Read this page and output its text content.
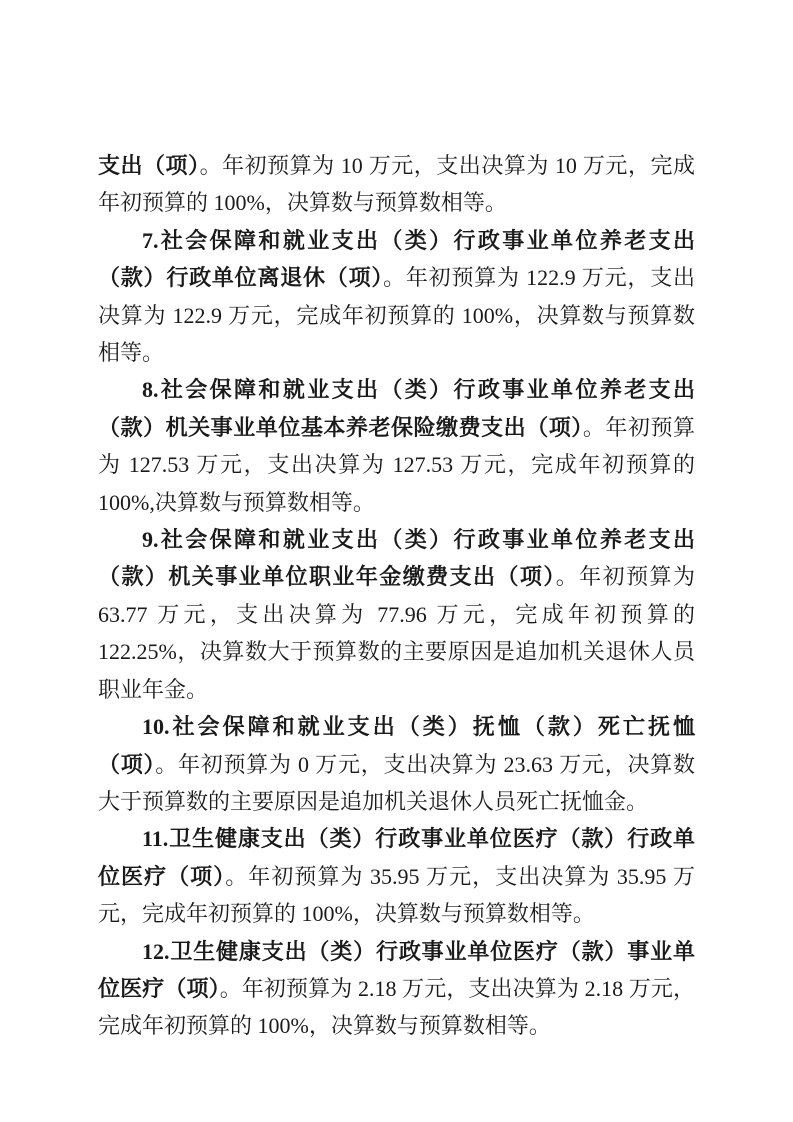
支出（项）。年初预算为 10 万元，支出决算为 10 万元，完成年初预算的 100%，决算数与预算数相等。

7.社会保障和就业支出（类）行政事业单位养老支出（款）行政单位离退休（项）。年初预算为 122.9 万元，支出决算为 122.9 万元，完成年初预算的 100%，决算数与预算数相等。

8.社会保障和就业支出（类）行政事业单位养老支出（款）机关事业单位基本养老保险缴费支出（项）。年初预算为 127.53 万元，支出决算为 127.53 万元，完成年初预算的 100%,决算数与预算数相等。

9.社会保障和就业支出（类）行政事业单位养老支出（款）机关事业单位职业年金缴费支出（项）。年初预算为 63.77 万元，支出决算为 77.96 万元，完成年初预算的 122.25%，决算数大于预算数的主要原因是追加机关退休人员职业年金。

10.社会保障和就业支出（类）抚恤（款）死亡抚恤（项）。年初预算为 0 万元，支出决算为 23.63 万元，决算数大于预算数的主要原因是追加机关退休人员死亡抚恤金。

11.卫生健康支出（类）行政事业单位医疗（款）行政单位医疗（项）。年初预算为 35.95 万元，支出决算为 35.95 万元，完成年初预算的 100%，决算数与预算数相等。

12.卫生健康支出（类）行政事业单位医疗（款）事业单位医疗（项）。年初预算为 2.18 万元，支出决算为 2.18 万元，完成年初预算的 100%，决算数与预算数相等。
